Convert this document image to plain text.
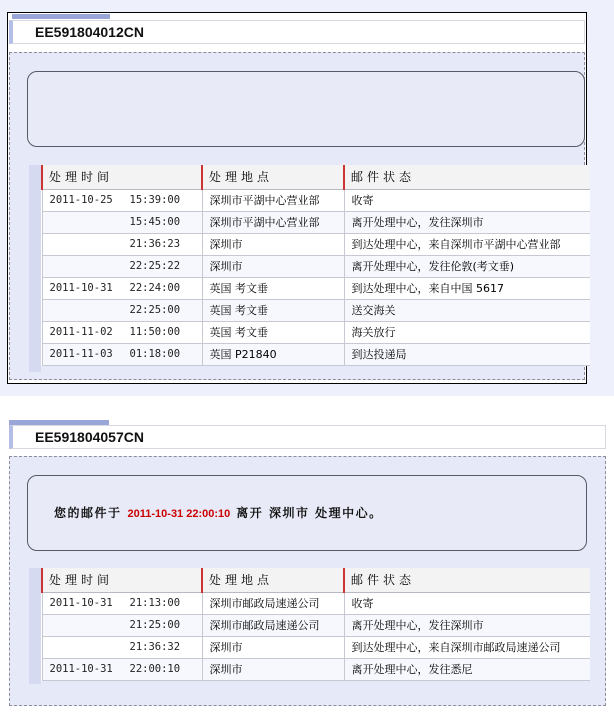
EE591804012CN
处理时间	处理地点	邮件状态
2011-10-25 15:39:00	深圳市平湖中心营业部	收寄
15:45:00	深圳市平湖中心营业部	离开处理中心，发往深圳市
21:36:23	深圳市	到达处理中心，来自深圳市平湖中心营业部
22:25:22	深圳市	离开处理中心，发往伦敦(考文垂)
2011-10-31 22:24:00	英国 考文垂	到达处理中心，来自中国 5617
22:25:00	英国 考文垂	送交海关
2011-11-02 11:50:00	英国 考文垂	海关放行
2011-11-03 01:18:00	英国 P21840	到达投递局
EE591804057CN
您的邮件于 2011-10-31 22:00:10 离开 深圳市 处理中心。
处理时间	处理地点	邮件状态
2011-10-31 21:13:00	深圳市邮政局速递公司	收寄
21:25:00	深圳市邮政局速递公司	离开处理中心，发往深圳市
21:36:32	深圳市	到达处理中心，来自深圳市邮政局速递公司
2011-10-31 22:00:10	深圳市	离开处理中心，发往悉尼
